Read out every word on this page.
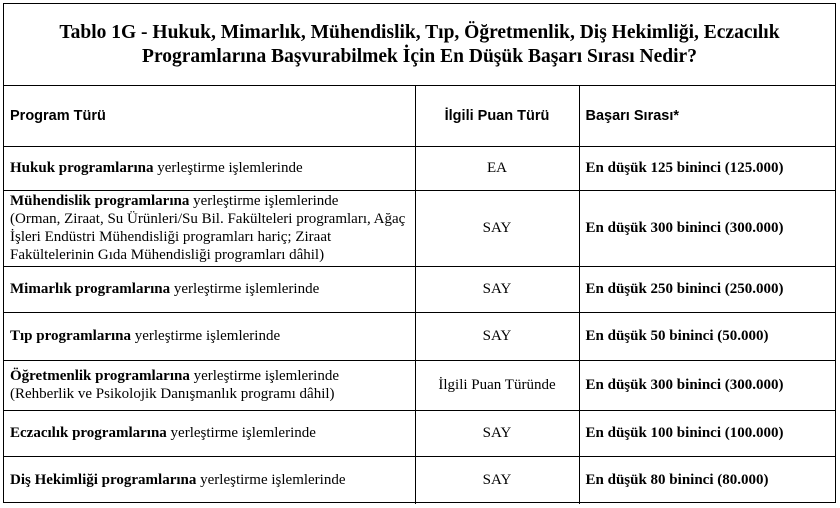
Tablo 1G - Hukuk, Mimarlık, Mühendislik, Tıp, Öğretmenlik, Diş Hekimliği, Eczacılık
Programlarına Başvurabilmek İçin En Düşük Başarı Sırası Nedir?
Program Türü	İlgili Puan Türü	Başarı Sırası*
Hukuk programlarına yerleştirme işlemlerinde	EA	En düşük 125 bininci (125.000)
Mühendislik programlarına yerleştirme işlemlerinde
(Orman, Ziraat, Su Ürünleri/Su Bil. Fakülteleri programları, Ağaç İşleri Endüstri Mühendisliği programları hariç; Ziraat Fakültelerinin Gıda Mühendisliği programları dâhil)	SAY	En düşük 300 bininci (300.000)
Mimarlık programlarına yerleştirme işlemlerinde	SAY	En düşük 250 bininci (250.000)
Tıp programlarına yerleştirme işlemlerinde	SAY	En düşük 50 bininci (50.000)
Öğretmenlik programlarına yerleştirme işlemlerinde
(Rehberlik ve Psikolojik Danışmanlık programı dâhil)	İlgili Puan Türünde	En düşük 300 bininci (300.000)
Eczacılık programlarına yerleştirme işlemlerinde	SAY	En düşük 100 bininci (100.000)
Diş Hekimliği programlarına yerleştirme işlemlerinde	SAY	En düşük 80 bininci (80.000)
